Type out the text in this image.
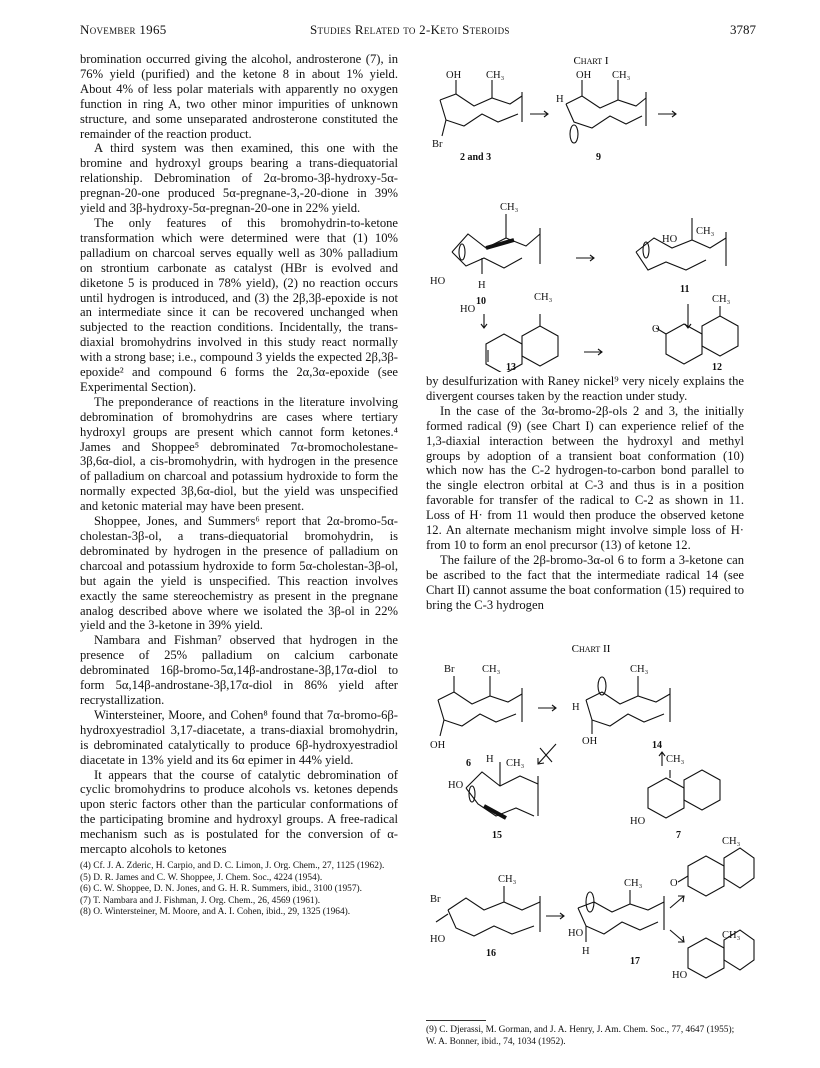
November 1965	Studies Related to 2-Keto Steroids	3787

bromination occurred giving the alcohol, androsterone (7), in 76% yield (purified) and the ketone 8 in about 1% yield. About 4% of less polar materials with apparently no oxygen function in ring A, two other minor impurities of unknown structure, and some unseparated androsterone constituted the remainder of the reaction product.

A third system was then examined, this one with the bromine and hydroxyl groups bearing a trans-diequatorial relationship. Debromination of 2α-bromo-3β-hydroxy-5α-pregnan-20-one produced 5α-pregnane-3,-20-dione in 39% yield and 3β-hydroxy-5α-pregnan-20-one in 22% yield.

The only features of this bromohydrin-to-ketone transformation which were determined were that (1) 10% palladium on charcoal serves equally well as 30% palladium on strontium carbonate as catalyst (HBr is evolved and diketone 5 is produced in 78% yield), (2) no reaction occurs until hydrogen is introduced, and (3) the 2β,3β-epoxide is not an intermediate since it can be recovered unchanged when subjected to the reaction conditions. Incidentally, the trans-diaxial bromohydrins involved in this study react normally with a strong base; i.e., compound 3 yields the expected 2β,3β-epoxide² and compound 6 forms the 2α,3α-epoxide (see Experimental Section).

The preponderance of reactions in the literature involving debromination of bromohydrins are cases where tertiary hydroxyl groups are present which cannot form ketones.⁴ James and Shoppee⁵ debrominated 7α-bromocholestane-3β,6α-diol, a cis-bromohydrin, with hydrogen in the presence of palladium on charcoal and potassium hydroxide to form the normally expected 3β,6α-diol, but the yield was unspecified and ketonic material may have been present.

Shoppee, Jones, and Summers⁶ report that 2α-bromo-5α-cholestan-3β-ol, a trans-diequatorial bromohydrin, is debrominated by hydrogen in the presence of palladium on charcoal and potassium hydroxide to form 5α-cholestan-3β-ol, but again the yield is unspecified. This reaction involves exactly the same stereochemistry as present in the pregnane analog described above where we isolated the 3β-ol in 22% yield and the 3-ketone in 39% yield.

Nambara and Fishman⁷ observed that hydrogen in the presence of 25% palladium on calcium carbonate debrominated 16β-bromo-5α,14β-androstane-3β,17α-diol to form 5α,14β-androstane-3β,17α-diol in 86% yield after recrystallization.

Wintersteiner, Moore, and Cohen⁸ found that 7α-bromo-6β-hydroxyestradiol 3,17-diacetate, a trans-diaxial bromohydrin, is debrominated catalytically to produce 6β-hydroxyestradiol diacetate in 13% yield and its 6α epimer in 44% yield.

It appears that the course of catalytic debromination of cyclic bromohydrins to produce alcohols vs. ketones depends upon steric factors other than the particular conformations of the participating bromine and hydroxyl groups. A free-radical mechanism such as is postulated for the conversion of α-mercapto alcohols to ketones

(4) Cf. J. A. Zderic, H. Carpio, and D. C. Limon, J. Org. Chem., 27, 1125 (1962).

(5) D. R. James and C. W. Shoppee, J. Chem. Soc., 4224 (1954).

(6) C. W. Shoppee, D. N. Jones, and G. H. R. Summers, ibid., 3100 (1957).

(7) T. Nambara and J. Fishman, J. Org. Chem., 26, 4569 (1961).

(8) O. Wintersteiner, M. Moore, and A. I. Cohen, ibid., 29, 1325 (1964).

Chart I
OH CH₃
Br
OH CH₃
H
CH₃
HO	H
HO
CH₃
HO
CH₃
O
CH₃
2 and 3	9
10
11
13	12

by desulfurization with Raney nickel⁹ very nicely explains the divergent courses taken by the reaction under study.

In the case of the 3α-bromo-2β-ols 2 and 3, the initially formed radical (9) (see Chart I) can experience relief of the 1,3-diaxial interaction between the hydroxyl and methyl groups by adoption of a transient boat conformation (10) which now has the C-2 hydrogen-to-carbon bond parallel to the single electron orbital at C-3 and thus is in a position favorable for transfer of the radical to C-2 as shown in 11. Loss of H· from 11 would then produce the observed ketone 12. An alternate mechanism might involve simple loss of H· from 10 to form an enol precursor (13) of ketone 12.

The failure of the 2β-bromo-3α-ol 6 to form a 3-ketone can be ascribed to the fact that the intermediate radical 14 (see Chart II) cannot assume the boat conformation (15) required to bring the C-3 hydrogen

Chart II
Br	CH₃
OH
CH₃
H
OH
HO
H CH₃	CH₃
HO
Br
CH₃
HO
CH₃
HO
H
CH₃
O
CH₃
HO
6
14
15	7
16
17

(9) C. Djerassi, M. Gorman, and J. A. Henry, J. Am. Chem. Soc., 77, 4647 (1955); W. A. Bonner, ibid., 74, 1034 (1952).
